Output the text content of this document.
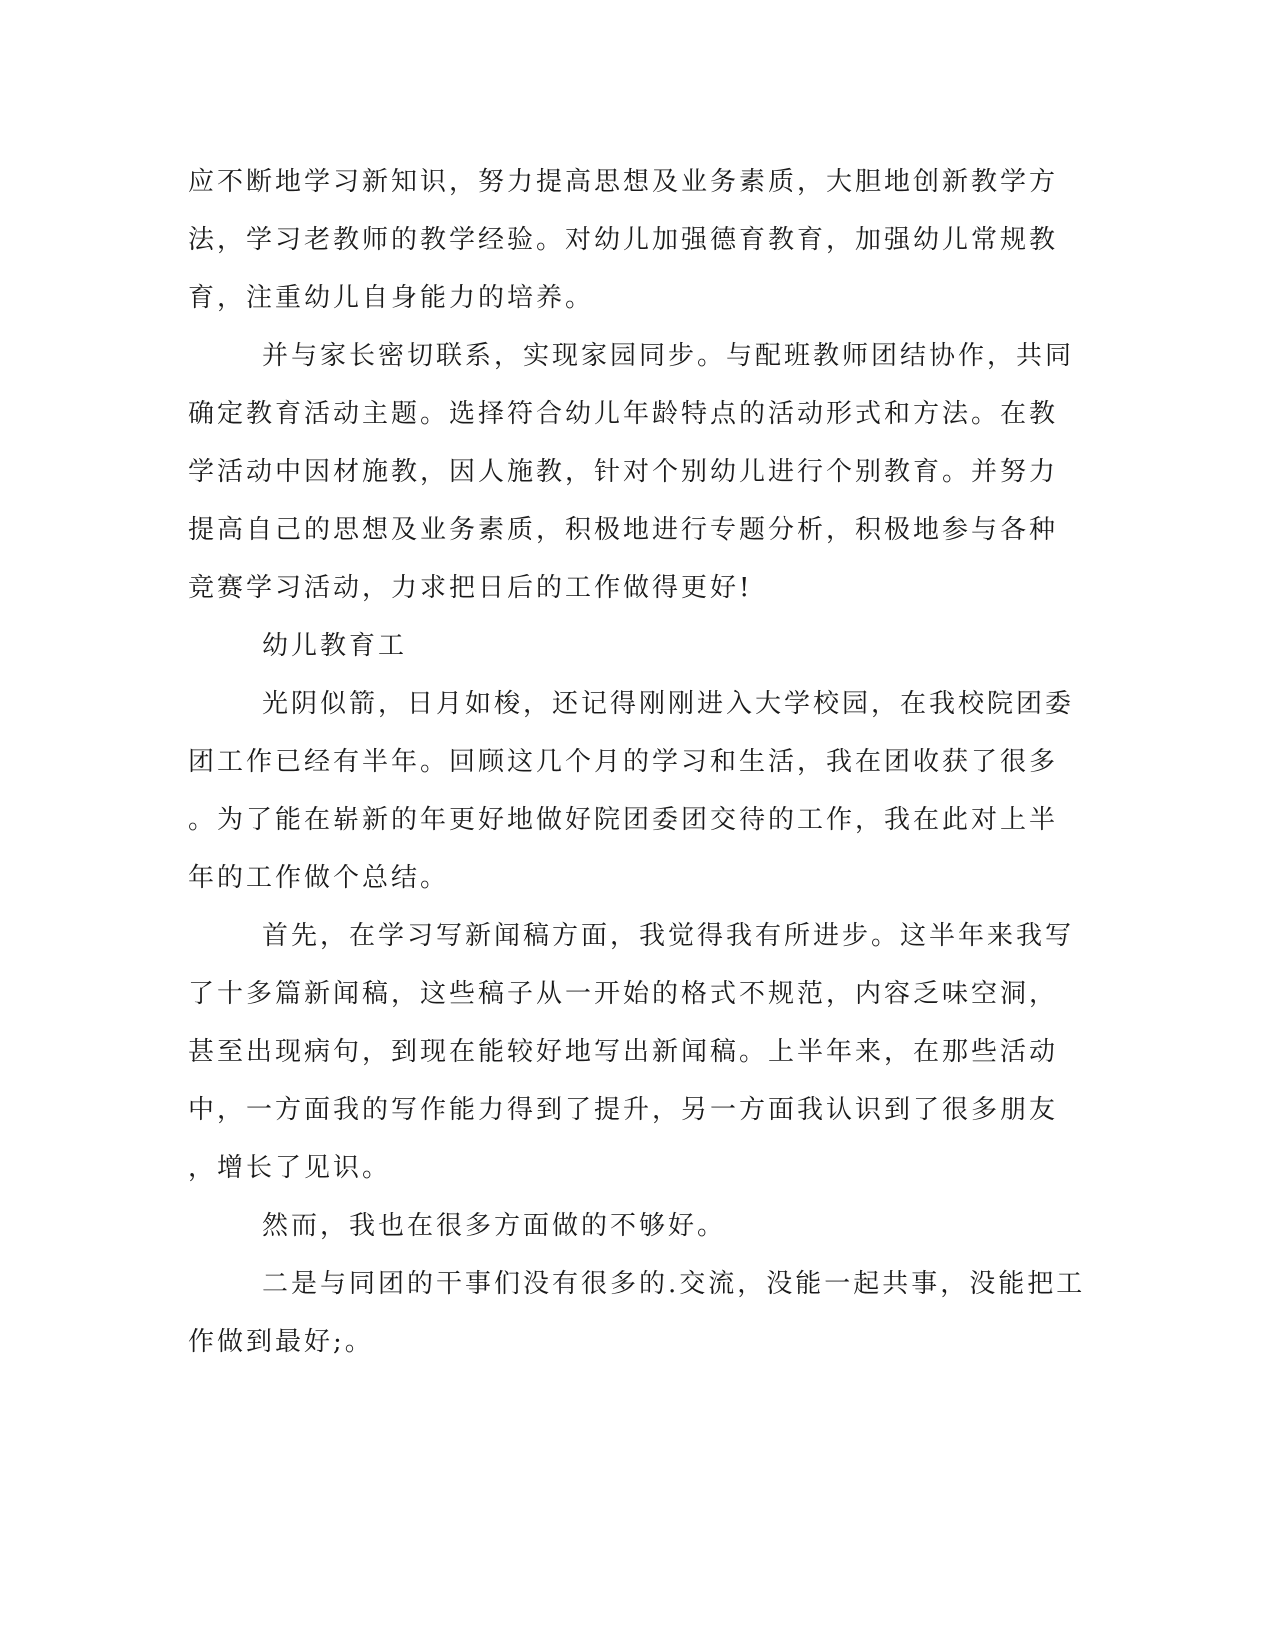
应不断地学习新知识，努力提高思想及业务素质，大胆地创新教学方
法，学习老教师的教学经验。对幼儿加强德育教育，加强幼儿常规教
育，注重幼儿自身能力的培养。
并与家长密切联系，实现家园同步。与配班教师团结协作，共同
确定教育活动主题。选择符合幼儿年龄特点的活动形式和方法。在教
学活动中因材施教，因人施教，针对个别幼儿进行个别教育。并努力
提高自己的思想及业务素质，积极地进行专题分析，积极地参与各种
竞赛学习活动，力求把日后的工作做得更好!
幼儿教育工
光阴似箭，日月如梭，还记得刚刚进入大学校园，在我校院团委
团工作已经有半年。回顾这几个月的学习和生活，我在团收获了很多
。为了能在崭新的年更好地做好院团委团交待的工作，我在此对上半
年的工作做个总结。
首先，在学习写新闻稿方面，我觉得我有所进步。这半年来我写
了十多篇新闻稿，这些稿子从一开始的格式不规范，内容乏味空洞，
甚至出现病句，到现在能较好地写出新闻稿。上半年来，在那些活动
中，一方面我的写作能力得到了提升，另一方面我认识到了很多朋友
，增长了见识。
然而，我也在很多方面做的不够好。
二是与同团的干事们没有很多的.交流，没能一起共事，没能把工
作做到最好;。
